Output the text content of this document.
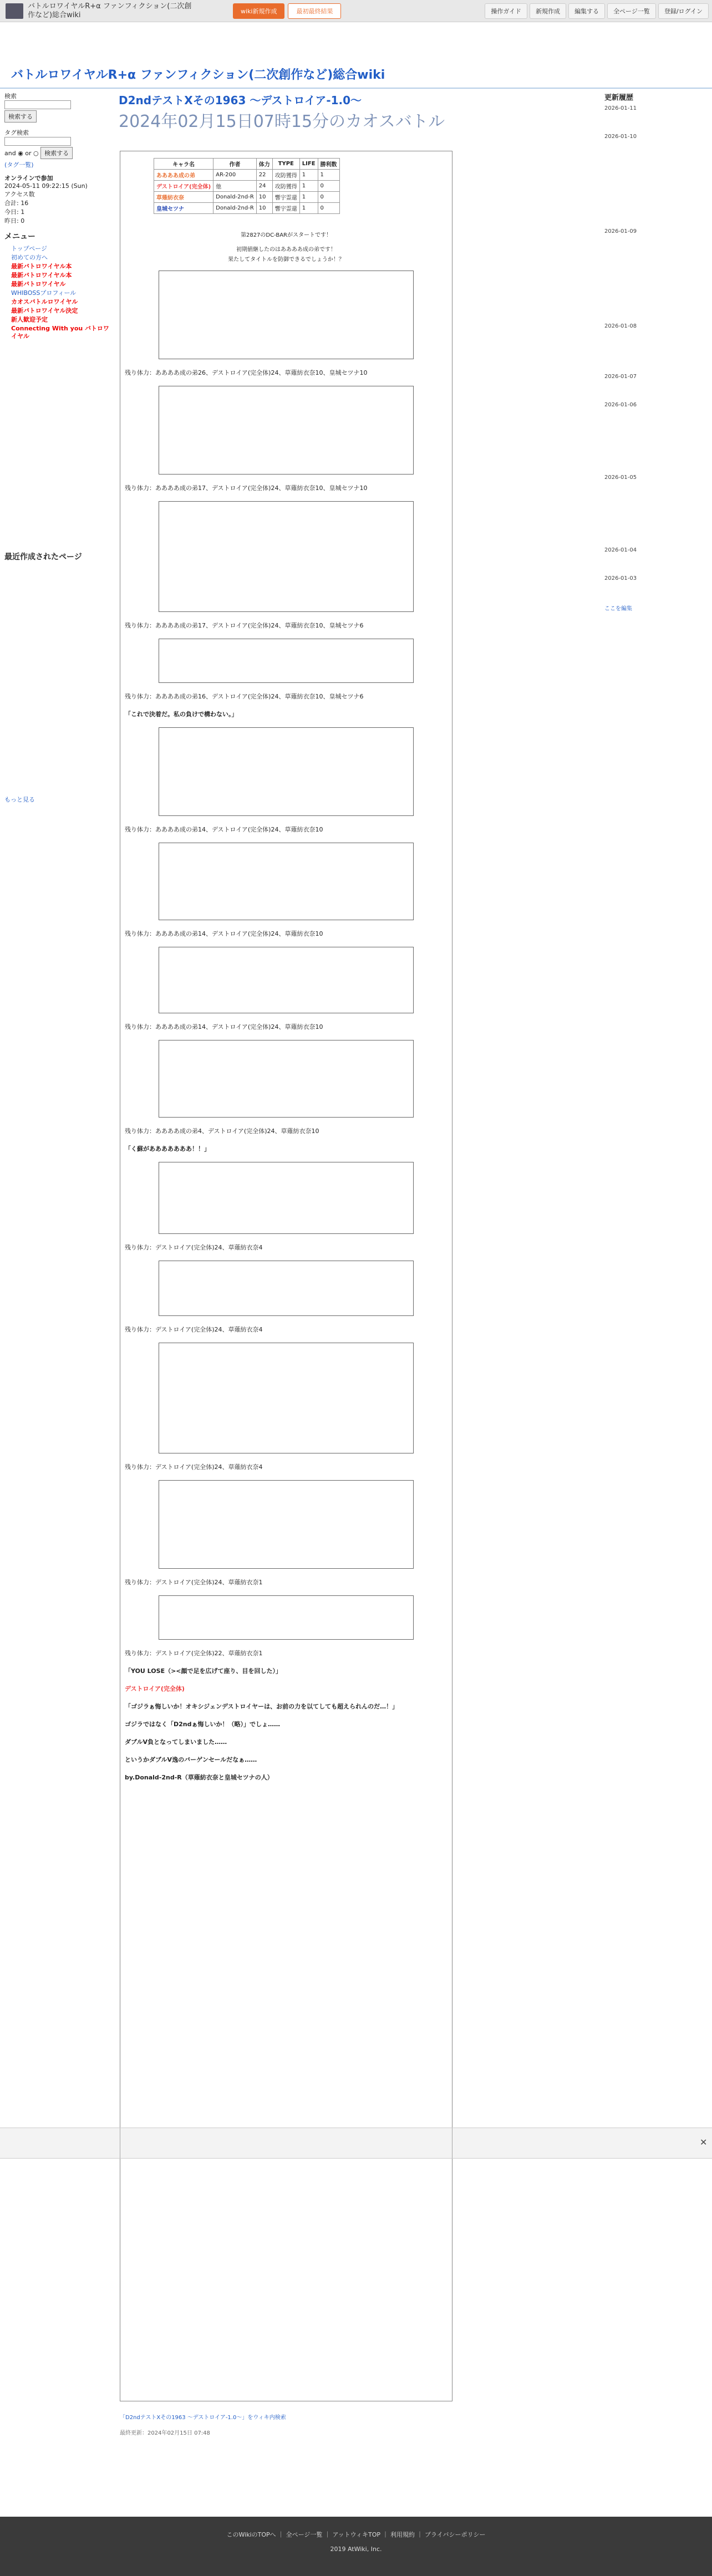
バトルロワイヤルR+α ファンフィクション(二次創
作など)総合wiki	wiki新規作成	最初最終結果	操作ガイド	新規作成	編集する	全ページ一覧	登録/ログイン
バトルロワイヤルR+α ファンフィクション(二次創作など)総合wiki
検索

検索する
タグ検索

and ◉ or ○ 検索する
(タグ一覧)
オンラインで参加
2024-05-11 09:22:15 (Sun)
アクセス数
合計: 16
今日: 1
昨日: 0
メニュー
トップページ
初めての方へ
最新バトロワイヤル本
最新バトロワイヤル本
最新バトロワイヤル
WHIBOSSプロフィール
カオスバトルロワイヤル
最新バトロワイヤル決定
新人歓迎予定
Connecting With you バトロワイヤル
最近作成されたページ
もっと見る
D2ndテストXその1963 ～デストロイア-1.0～
2024年02月15日07時15分のカオスバトル
キャラ名	作者	体力	TYPE	LIFE	勝利数
ああああ成の弟	AR-200	22	攻防獲得	1	1
デストロイア(完全体)	他	24	攻防獲得	1	0
草薙紡衣奈	Donald-2nd-R	10	響宇霊還	1	0
皇城セツナ	Donald-2nd-R	10	響宇霊還	1	0
第2827のDC-BARがスタートです！
初期値継したのはああああ成の弟です！
果たしてタイトルを防御できるでしょうか！？
残り体力：ああああ成の弟26、デストロイア(完全体)24、草薙紡衣奈10、皇城セツナ10
残り体力：ああああ成の弟17、デストロイア(完全体)24、草薙紡衣奈10、皇城セツナ10
残り体力：ああああ成の弟17、デストロイア(完全体)24、草薙紡衣奈10、皇城セツナ6
残り体力：ああああ成の弟16、デストロイア(完全体)24、草薙紡衣奈10、皇城セツナ6
「これで決着だ。私の負けで構わない。」
残り体力：ああああ成の弟14、デストロイア(完全体)24、草薙紡衣奈10
残り体力：ああああ成の弟14、デストロイア(完全体)24、草薙紡衣奈10
残り体力：ああああ成の弟14、デストロイア(完全体)24、草薙紡衣奈10
残り体力：ああああ成の弟4、デストロイア(完全体)24、草薙紡衣奈10
「く蘇があああああああ！！」
残り体力：デストロイア(完全体)24、草薙紡衣奈4
残り体力：デストロイア(完全体)24、草薙紡衣奈4
残り体力：デストロイア(完全体)24、草薙紡衣奈4
残り体力：デストロイア(完全体)24、草薙紡衣奈1
残り体力：デストロイア(完全体)22、草薙紡衣奈1
「YOU LOSE（><顔で足を広げて座り、目を回した）」
デストロイア(完全体)
「ゴジラぁ悔しいか！オキシジェンデストロイヤーは、お前の力を以てしても超えられんのだ…！」
ゴジラではなく「D2ndぁ悔しいか！（略）」でしょ……
ダブルV負となってしまいました……
というかダブルV逸のバーゲンセールだなぁ……
by.Donald-2nd-R（草薙紡衣奈と皇城セツナの人）
「D2ndテストXその1963 ～デストロイア-1.0～」をウィキ内検索
最終更新：2024年02月15日 07:48
更新履歴
2026-01-11
2026-01-10
2026-01-09
2026-01-08
2026-01-07
2026-01-06
2026-01-05
2026-01-04
2026-01-03
ここを編集
✕
このWikiのTOPへ ｜ 全ページ一覧 ｜ アットウィキTOP ｜ 利用規約 ｜ プライバシーポリシー
2019 AtWiki, Inc.
